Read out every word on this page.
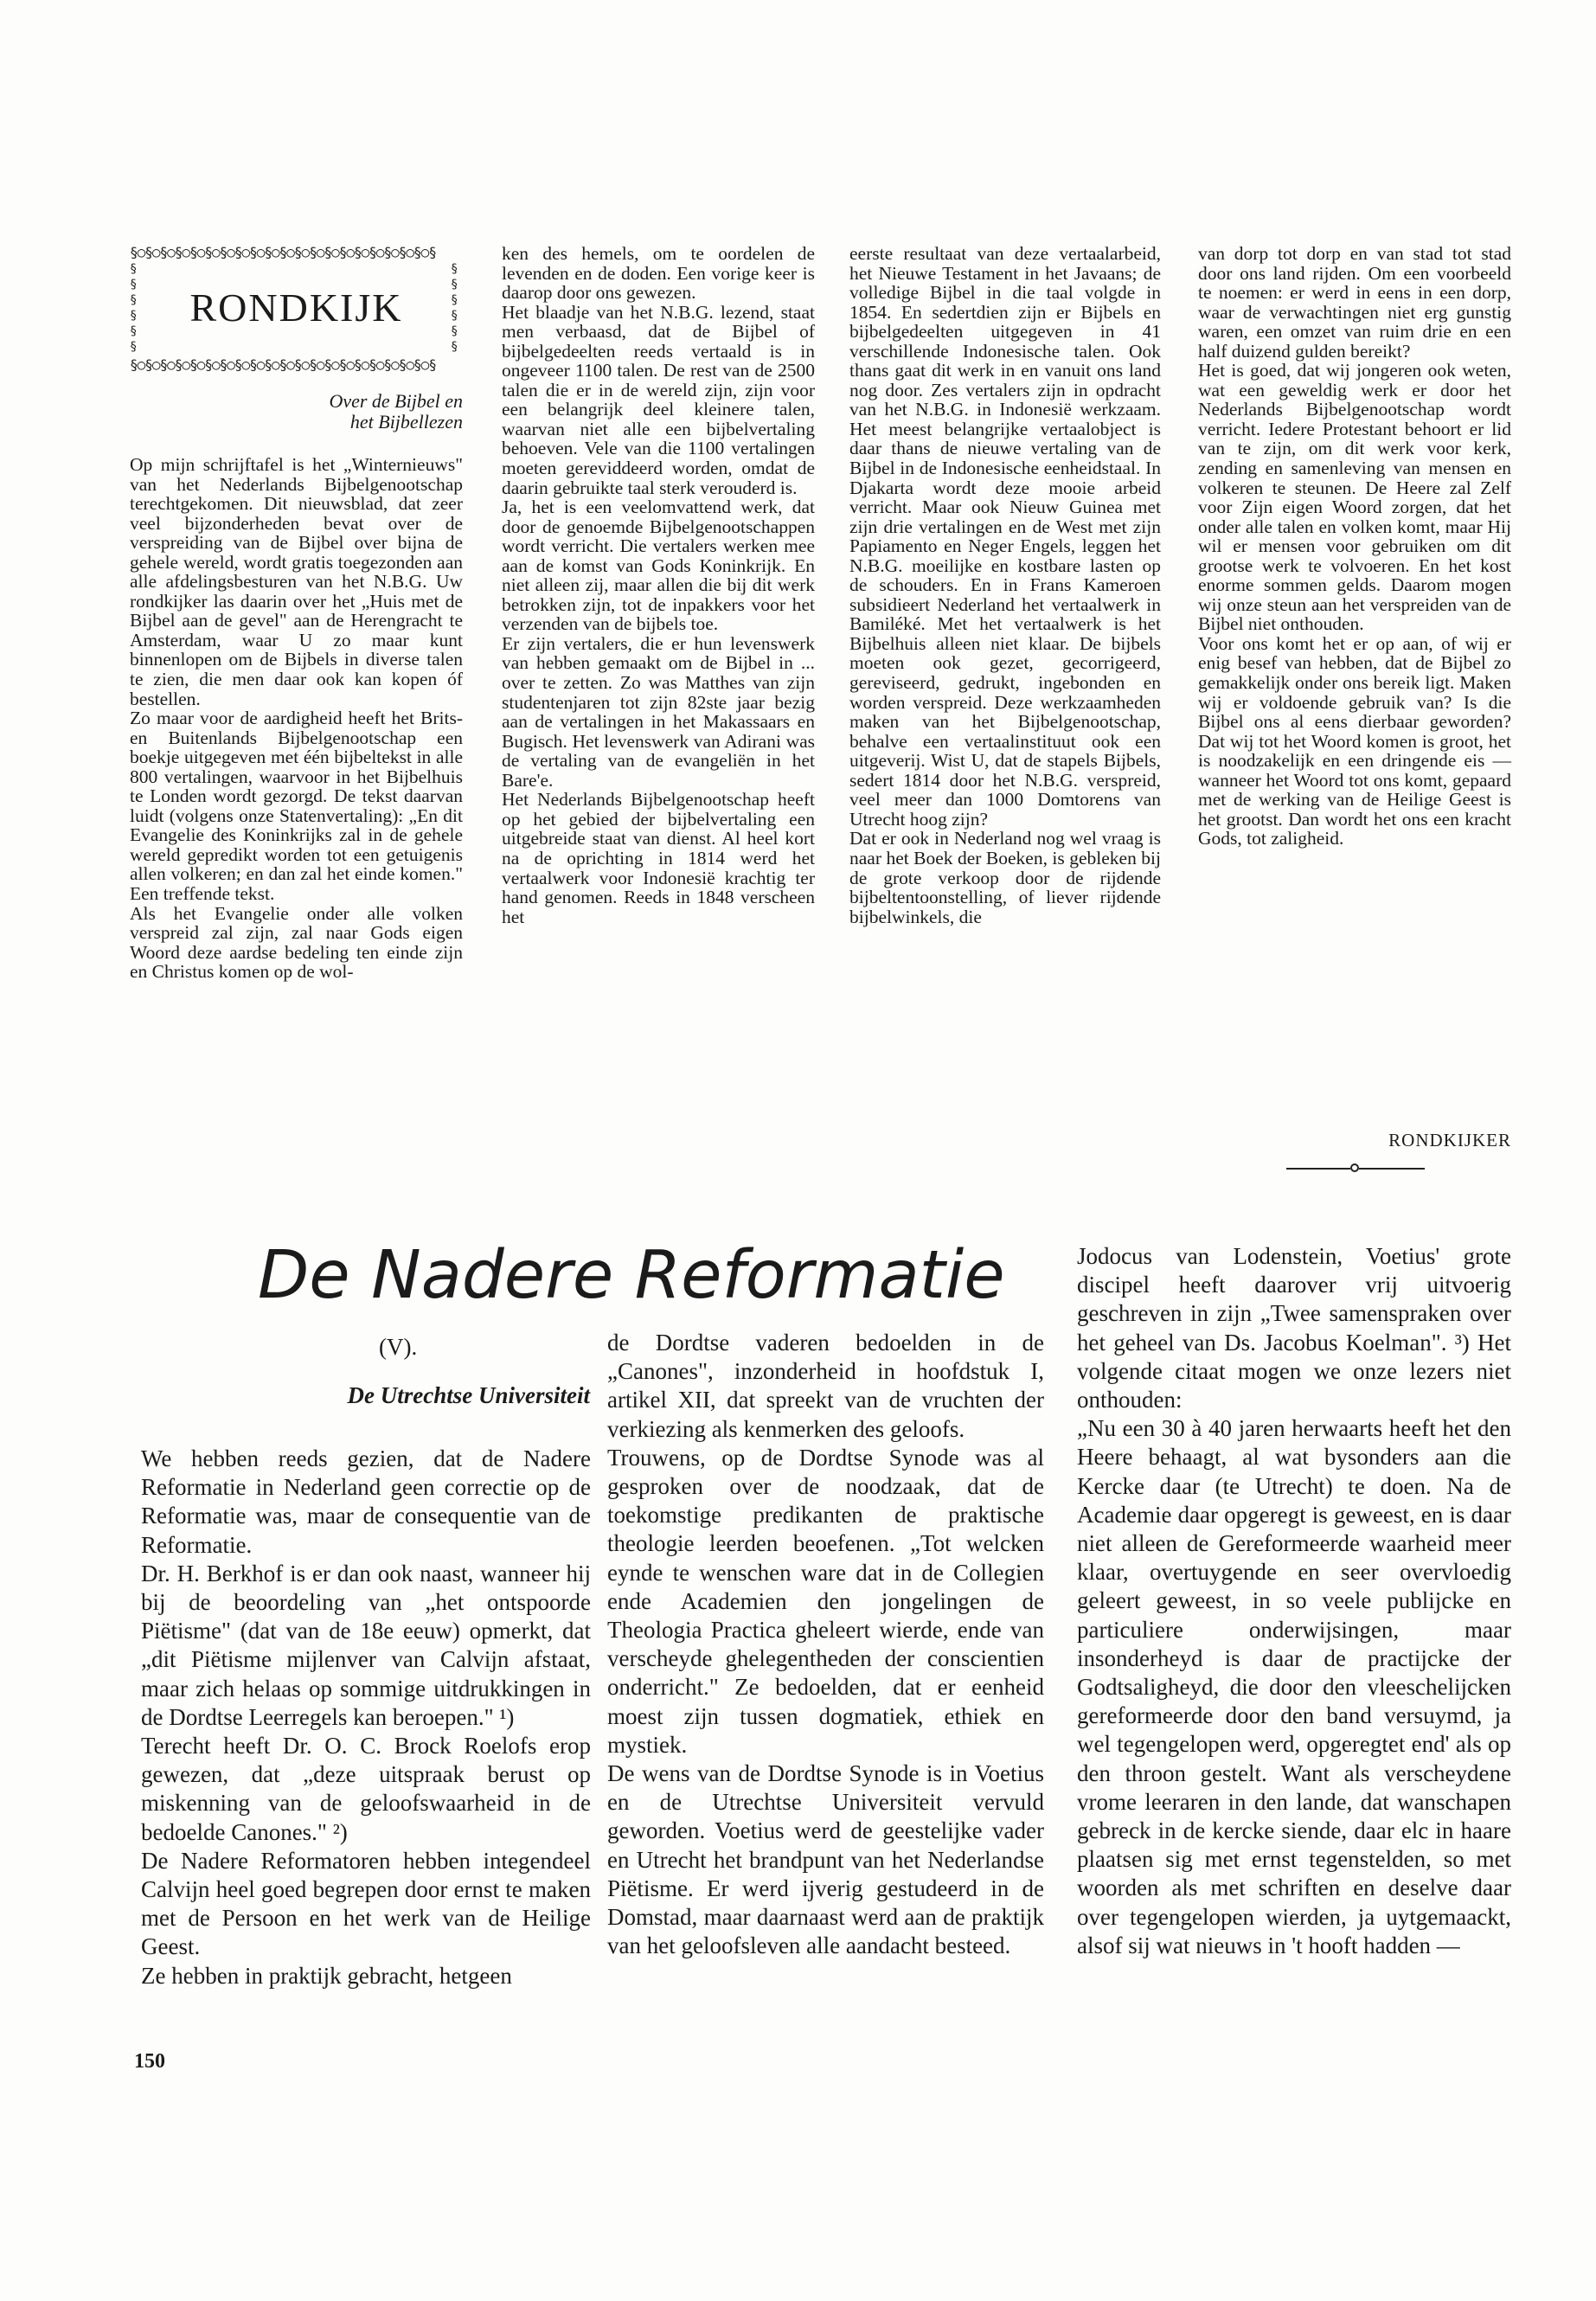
§○§○§○§○§○§○§○§○§○§○§○§○§○§○§○§○§○§○§○§○§
§§§§§§
RONDKIJK
§§§§§§
§○§○§○§○§○§○§○§○§○§○§○§○§○§○§○§○§○§○§○§○§
Over de Bijbel en
het Bijbellezen

Op mijn schrijftafel is het „Winternieuws" van het Nederlands Bijbelgenootschap terechtgekomen. Dit nieuwsblad, dat zeer veel bijzonderheden bevat over de verspreiding van de Bijbel over bijna de gehele wereld, wordt gratis toegezonden aan alle afdelingsbesturen van het N.B.G. Uw rondkijker las daarin over het „Huis met de Bijbel aan de gevel" aan de Herengracht te Amsterdam, waar U zo maar kunt binnenlopen om de Bijbels in diverse talen te zien, die men daar ook kan kopen óf bestellen.

Zo maar voor de aardigheid heeft het Brits- en Buitenlands Bijbelgenootschap een boekje uitgegeven met één bijbeltekst in alle 800 vertalingen, waarvoor in het Bijbelhuis te Londen wordt gezorgd. De tekst daarvan luidt (volgens onze Statenvertaling): „En dit Evangelie des Koninkrijks zal in de gehele wereld gepredikt worden tot een getuigenis allen volkeren; en dan zal het einde komen." Een treffende tekst.

Als het Evangelie onder alle volken verspreid zal zijn, zal naar Gods eigen Woord deze aardse bedeling ten einde zijn en Christus komen op de wol-

ken des hemels, om te oordelen de levenden en de doden. Een vorige keer is daarop door ons gewezen.

Het blaadje van het N.B.G. lezend, staat men verbaasd, dat de Bijbel of bijbelgedeelten reeds vertaald is in ongeveer 1100 talen. De rest van de 2500 talen die er in de wereld zijn, zijn voor een belangrijk deel kleinere talen, waarvan niet alle een bijbelvertaling behoeven. Vele van die 1100 vertalingen moeten gereviddeerd worden, omdat de daarin gebruikte taal sterk verouderd is.

Ja, het is een veelomvattend werk, dat door de genoemde Bijbelgenootschappen wordt verricht. Die vertalers werken mee aan de komst van Gods Koninkrijk. En niet alleen zij, maar allen die bij dit werk betrokken zijn, tot de inpakkers voor het verzenden van de bijbels toe.

Er zijn vertalers, die er hun levenswerk van hebben gemaakt om de Bijbel in ... over te zetten. Zo was Matthes van zijn studentenjaren tot zijn 82ste jaar bezig aan de vertalingen in het Makassaars en Bugisch. Het levenswerk van Adirani was de vertaling van de evangeliën in het Bare'e.

Het Nederlands Bijbelgenootschap heeft op het gebied der bijbelvertaling een uitgebreide staat van dienst. Al heel kort na de oprichting in 1814 werd het vertaalwerk voor Indonesië krachtig ter hand genomen. Reeds in 1848 verscheen het

eerste resultaat van deze vertaalarbeid, het Nieuwe Testament in het Javaans; de volledige Bijbel in die taal volgde in 1854. En sedertdien zijn er Bijbels en bijbelgedeelten uitgegeven in 41 verschillende Indonesische talen. Ook thans gaat dit werk in en vanuit ons land nog door. Zes vertalers zijn in opdracht van het N.B.G. in Indonesië werkzaam. Het meest belangrijke vertaalobject is daar thans de nieuwe vertaling van de Bijbel in de Indonesische eenheidstaal. In Djakarta wordt deze mooie arbeid verricht. Maar ook Nieuw Guinea met zijn drie vertalingen en de West met zijn Papiamento en Neger Engels, leggen het N.B.G. moeilijke en kostbare lasten op de schouders. En in Frans Kameroen subsidieert Nederland het vertaalwerk in Bamiléké. Met het vertaalwerk is het Bijbelhuis alleen niet klaar. De bijbels moeten ook gezet, gecorrigeerd, gereviseerd, gedrukt, ingebonden en worden verspreid. Deze werkzaamheden maken van het Bijbelgenootschap, behalve een vertaalinstituut ook een uitgeverij. Wist U, dat de stapels Bijbels, sedert 1814 door het N.B.G. verspreid, veel meer dan 1000 Domtorens van Utrecht hoog zijn?

Dat er ook in Nederland nog wel vraag is naar het Boek der Boeken, is gebleken bij de grote verkoop door de rijdende bijbeltentoonstelling, of liever rijdende bijbelwinkels, die

van dorp tot dorp en van stad tot stad door ons land rijden. Om een voorbeeld te noemen: er werd in eens in een dorp, waar de verwachtingen niet erg gunstig waren, een omzet van ruim drie en een half duizend gulden bereikt?

Het is goed, dat wij jongeren ook weten, wat een geweldig werk er door het Nederlands Bijbelgenootschap wordt verricht. Iedere Protestant behoort er lid van te zijn, om dit werk voor kerk, zending en samenleving van mensen en volkeren te steunen. De Heere zal Zelf voor Zijn eigen Woord zorgen, dat het onder alle talen en volken komt, maar Hij wil er mensen voor gebruiken om dit grootse werk te volvoeren. En het kost enorme sommen gelds. Daarom mogen wij onze steun aan het verspreiden van de Bijbel niet onthouden.

Voor ons komt het er op aan, of wij er enig besef van hebben, dat de Bijbel zo gemakkelijk onder ons bereik ligt. Maken wij er voldoende gebruik van? Is die Bijbel ons al eens dierbaar geworden? Dat wij tot het Woord komen is groot, het is noodzakelijk en een dringende eis — wanneer het Woord tot ons komt, gepaard met de werking van de Heilige Geest is het grootst. Dan wordt het ons een kracht Gods, tot zaligheid.

RONDKIJKER
De Nadere Reformatie
(V).
De Utrechtse Universiteit

We hebben reeds gezien, dat de Nadere Reformatie in Nederland geen correctie op de Reformatie was, maar de consequentie van de Reformatie.

Dr. H. Berkhof is er dan ook naast, wanneer hij bij de beoordeling van „het ontspoorde Piëtisme" (dat van de 18e eeuw) opmerkt, dat „dit Piëtisme mijlenver van Calvijn afstaat, maar zich helaas op sommige uitdrukkingen in de Dordtse Leerregels kan beroepen." ¹)

Terecht heeft Dr. O. C. Brock Roelofs erop gewezen, dat „deze uitspraak berust op miskenning van de geloofswaarheid in de bedoelde Canones." ²)

De Nadere Reformatoren hebben integendeel Calvijn heel goed begrepen door ernst te maken met de Persoon en het werk van de Heilige Geest.

Ze hebben in praktijk gebracht, hetgeen

de Dordtse vaderen bedoelden in de „Canones", inzonderheid in hoofdstuk I, artikel XII, dat spreekt van de vruchten der verkiezing als kenmerken des geloofs.

Trouwens, op de Dordtse Synode was al gesproken over de noodzaak, dat de toekomstige predikanten de praktische theologie leerden beoefenen. „Tot welcken eynde te wenschen ware dat in de Collegien ende Academien den jongelingen de Theologia Practica gheleert wierde, ende van verscheyde ghelegentheden der conscientien onderricht." Ze bedoelden, dat er eenheid moest zijn tussen dogmatiek, ethiek en mystiek.

De wens van de Dordtse Synode is in Voetius en de Utrechtse Universiteit vervuld geworden. Voetius werd de geestelijke vader en Utrecht het brandpunt van het Nederlandse Piëtisme. Er werd ijverig gestudeerd in de Domstad, maar daarnaast werd aan de praktijk van het geloofsleven alle aandacht besteed.

Jodocus van Lodenstein, Voetius' grote discipel heeft daarover vrij uitvoerig geschreven in zijn „Twee samenspraken over het geheel van Ds. Jacobus Koelman". ³) Het volgende citaat mogen we onze lezers niet onthouden:

„Nu een 30 à 40 jaren herwaarts heeft het den Heere behaagt, al wat bysonders aan die Kercke daar (te Utrecht) te doen. Na de Academie daar opgeregt is geweest, en is daar niet alleen de Gereformeerde waarheid meer klaar, overtuygende en seer overvloedig geleert geweest, in so veele publijcke en particuliere onderwijsingen, maar insonderheyd is daar de practijcke der Godtsaligheyd, die door den vleeschelijcken gereformeerde door den band versuymd, ja wel tegengelopen werd, opgeregtet end' als op den throon gestelt. Want als verscheydene vrome leeraren in den lande, dat wanschapen gebreck in de kercke siende, daar elc in haare plaatsen sig met ernst tegenstelden, so met woorden als met schriften en deselve daar over tegengelopen wierden, ja uytgemaackt, alsof sij wat nieuws in 't hooft hadden —

150
